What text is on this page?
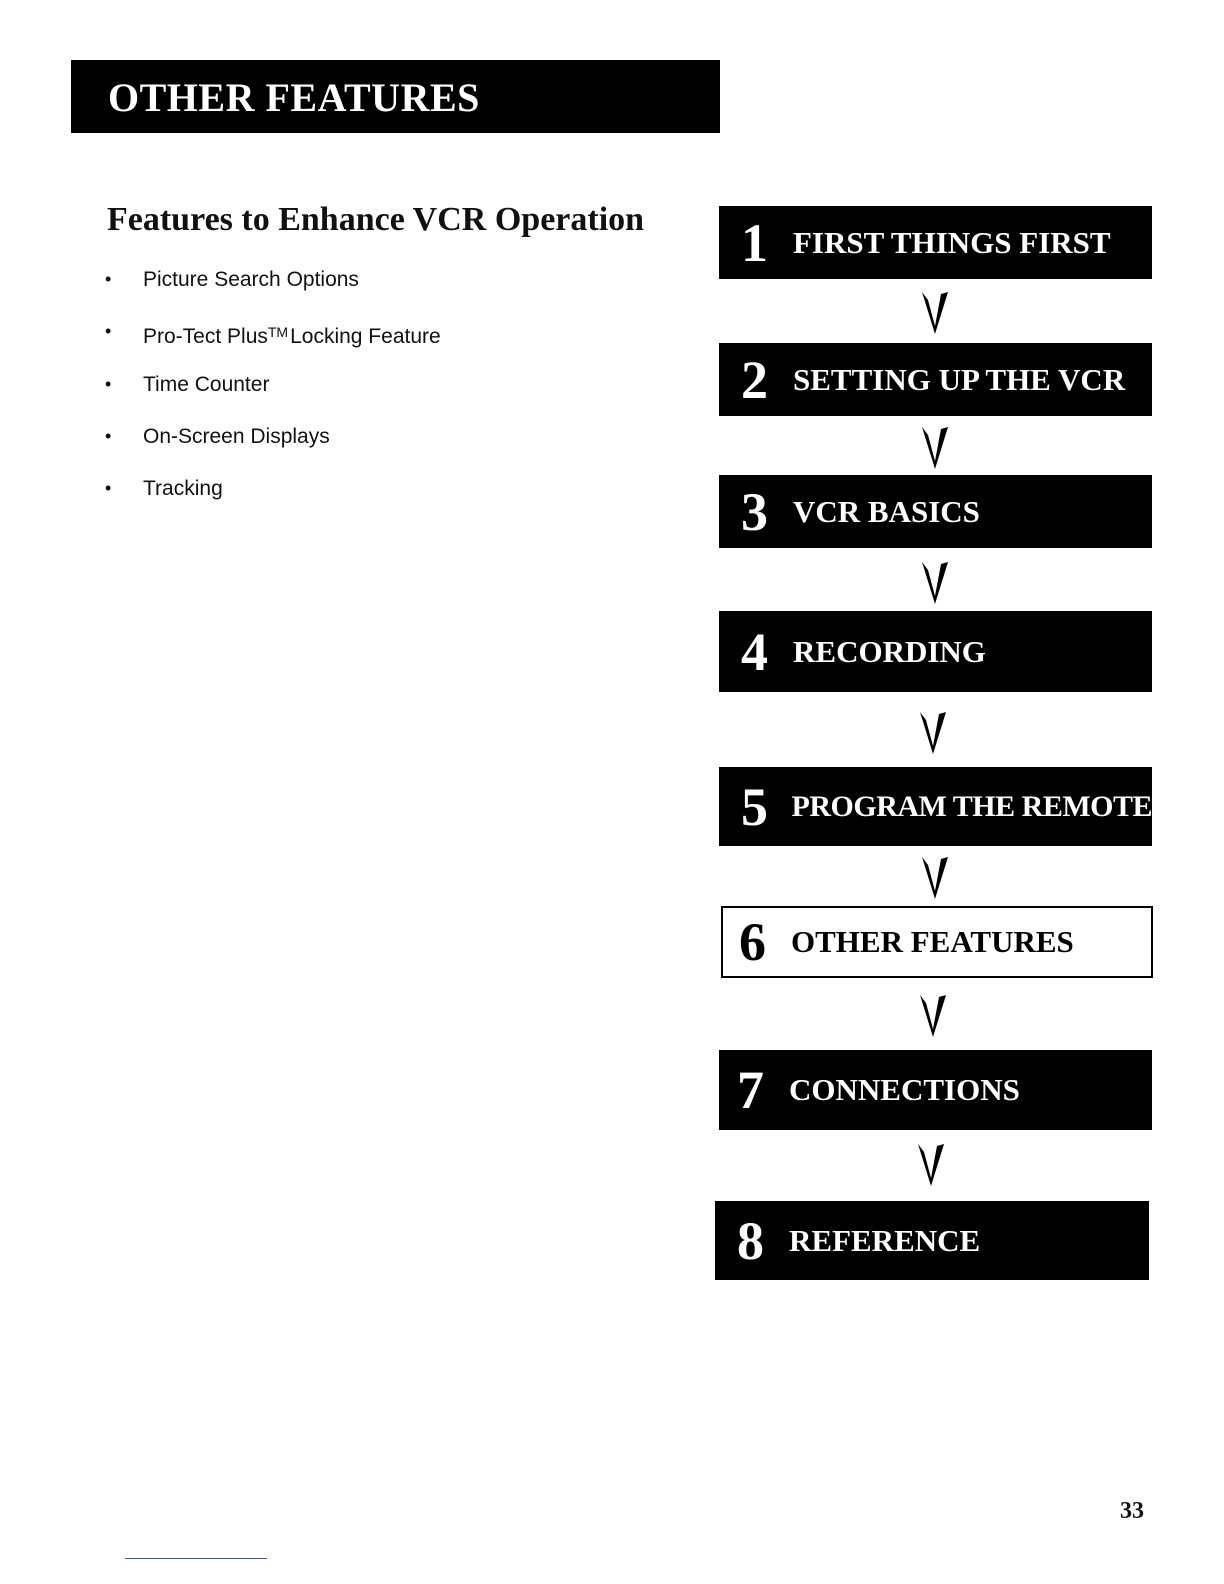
OTHER FEATURES
Features to Enhance VCR Operation
•	Picture Search Options
•	Pro-Tect Plus™Locking Feature
•	Time Counter
•	On-Screen Displays
•	Tracking
1 FIRST THINGS FIRST
2 SETTING UP THE VCR
3 VCR BASICS
4 RECORDING
5 PROGRAM THE REMOTE
6 OTHER FEATURES
7 CONNECTIONS
8 REFERENCE
33
